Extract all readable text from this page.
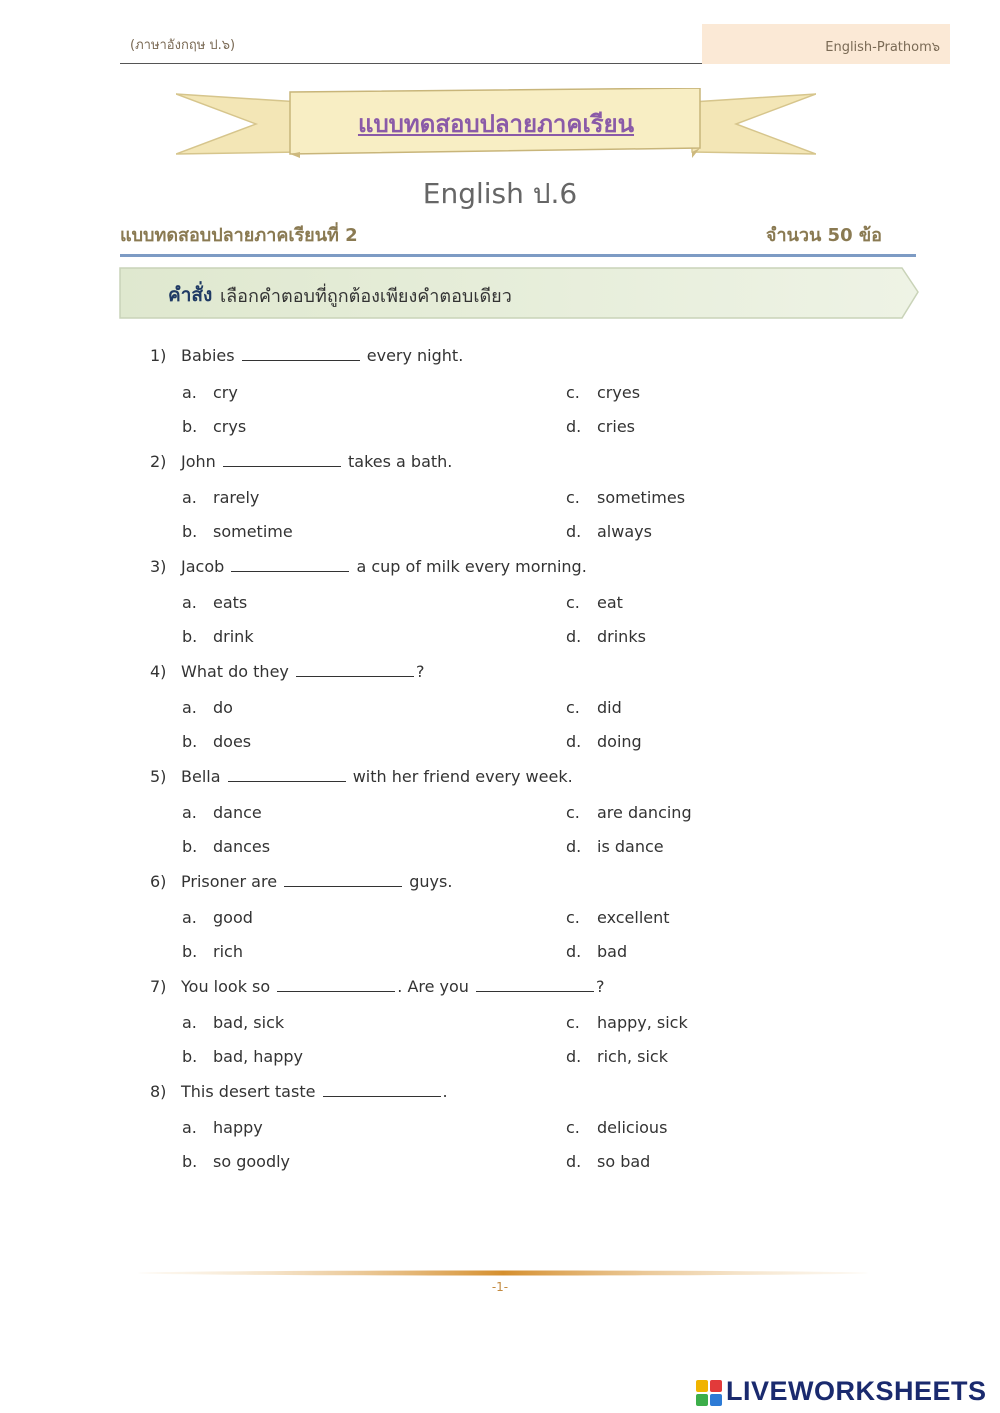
(ภาษาอังกฤษ ป.๖)	English-Prathom๖
แบบทดสอบปลายภาคเรียน
English ป.6
แบบทดสอบปลายภาคเรียนที่ 2	จำนวน 50 ข้อ
คำสั่ง เลือกคำตอบที่ถูกต้องเพียงคำตอบเดียว
1) Babies	every night.
a. cry	c. cryes
b. crys	d. cries
2) John	takes a bath.
a. rarely	c. sometimes
b. sometime	d. always
3) Jacob	a cup of milk every morning.
a. eats	c. eat
b. drink	d. drinks
4) What do they	?
a. do	c. did
b. does	d. doing
5) Bella	with her friend every week.
a. dance	c. are dancing
b. dances	d. is dance
6) Prisoner are	guys.
a. good	c. excellent
b. rich	d. bad
7) You look so	. Are you	?
a. bad, sick	c. happy, sick
b. bad, happy	d. rich, sick
8) This desert taste	.
a. happy	c. delicious
b. so goodly	d. so bad
-1-
LIVEWORKSHEETS
